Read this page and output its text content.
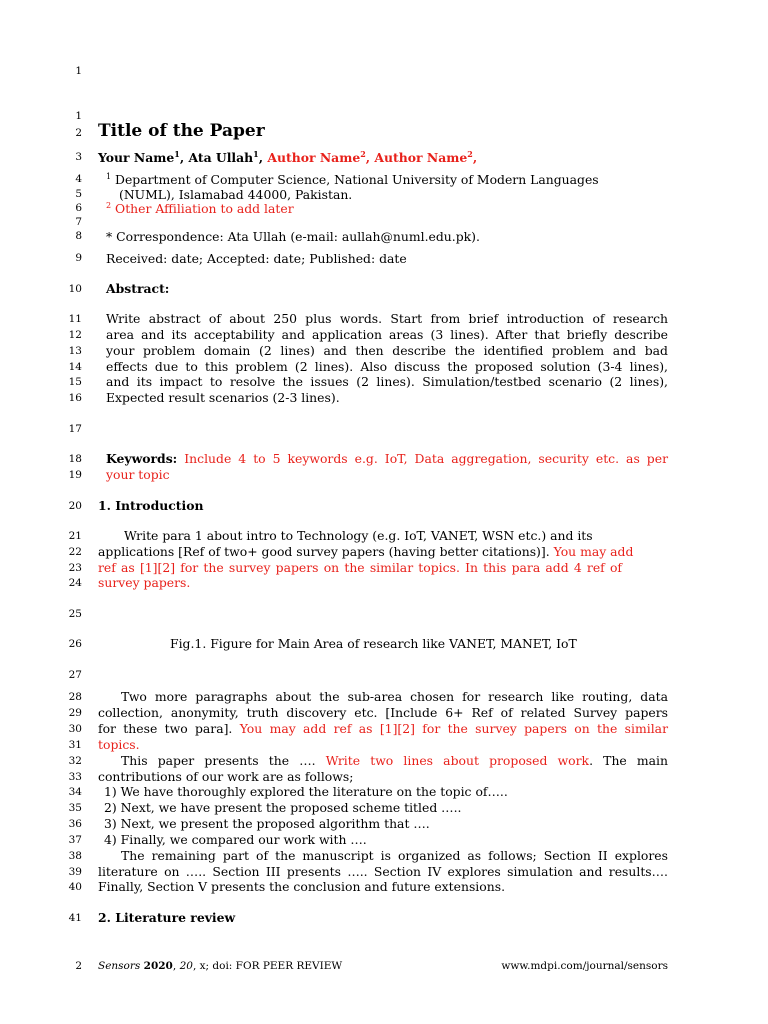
1
1
2
3
4
5
6
7
8
9
10
11
12
13
14
15
16
17
18
19
20
21
22
23
24
25
26
27
28
29
30
31
32
33
34
35
36
37
38
39
40
41
2
Title of the Paper
Your Name$^1$, Ata Ullah$^1$, Author Name$^2$, Author Name$^2$,
$^1$ Department of Computer Science, National University of Modern Languages
(NUML), Islamabad 44000, Pakistan.
$^2$ Other Affiliation to add later
* Correspondence: Ata Ullah (e-mail: aullah@numl.edu.pk).
Received: date; Accepted: date; Published: date
Abstract:
Write abstract of about 250 plus words. Start from brief introduction of research
area and its acceptability and application areas (3 lines). After that briefly describe
your problem domain (2 lines) and then describe the identified problem and bad
effects due to this problem (2 lines). Also discuss the proposed solution (3-4 lines),
and its impact to resolve the issues (2 lines). Simulation/testbed scenario (2 lines),
Expected result scenarios (2-3 lines).
Keywords: Include 4 to 5 keywords e.g. IoT, Data aggregation, security etc. as per
your topic
1. Introduction
Write para 1 about intro to Technology (e.g. IoT, VANET, WSN etc.) and its
applications [Ref of two+ good survey papers (having better citations)]. You may add
ref as [1][2] for the survey papers on the similar topics. In this para add 4 ref of
survey papers.
Fig.1. Figure for Main Area of research like VANET, MANET, IoT
Two more paragraphs about the sub-area chosen for research like routing, data
collection, anonymity, truth discovery etc. [Include 6+ Ref of related Survey papers
for these two para]. You may add ref as [1][2] for the survey papers on the similar
topics.
This paper presents the …. Write two lines about proposed work. The main
contributions of our work are as follows;
1) We have thoroughly explored the literature on the topic of…..
2) Next, we have present the proposed scheme titled …..
3) Next, we present the proposed algorithm that ….
4) Finally, we compared our work with ….
The remaining part of the manuscript is organized as follows; Section II explores
literature on ….. Section III presents ….. Section IV explores simulation and results….
Finally, Section V presents the conclusion and future extensions.
2. Literature review
Sensors 2020, 20, x; doi: FOR PEER REVIEW	www.mdpi.com/journal/sensors
